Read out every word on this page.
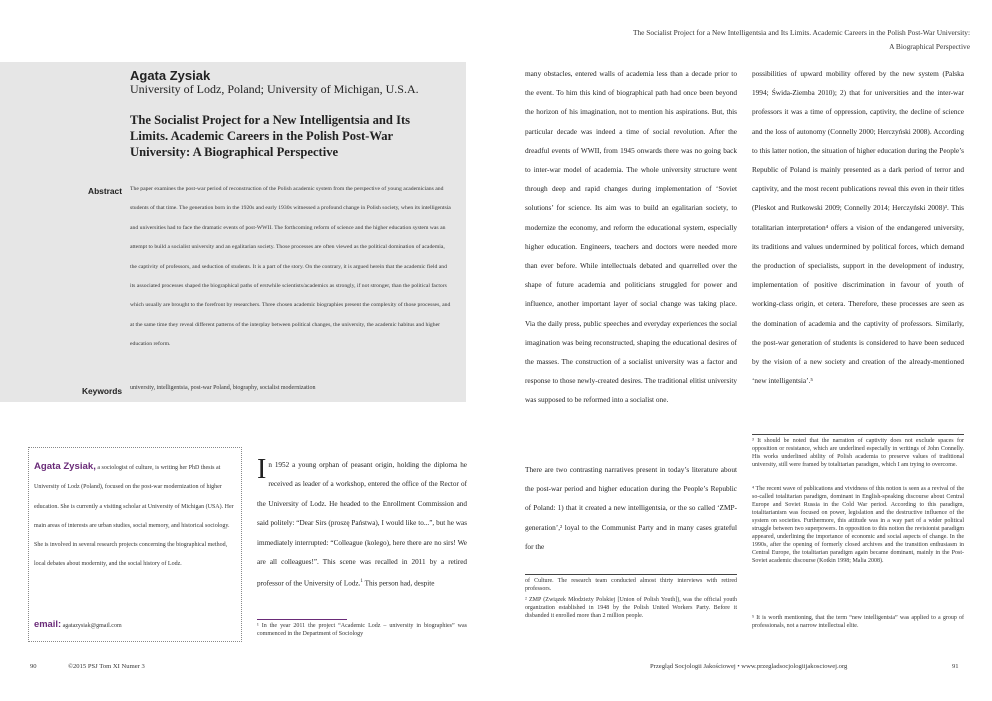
The Socialist Project for a New Intelligentsia and Its Limits. Academic Careers in the Polish Post-War University:
A Biographical Perspective
Agata Zysiak
University of Lodz, Poland; University of Michigan, U.S.A.
The Socialist Project for a New Intelligentsia and Its Limits. Academic Careers in the Polish Post-War University: A Biographical Perspective
Abstract The paper examines the post-war period of reconstruction of the Polish academic system from the perspective of young academicians and students of that time. The generation born in the 1920s and early 1930s witnessed a profound change in Polish society, when its intelligentsia and universities had to face the dramatic events of post-WWII. The forthcoming reform of science and the higher education system was an attempt to build a socialist university and an egalitarian society. Those processes are often viewed as the political domination of academia, the captivity of professors, and seduction of students. It is a part of the story. On the contrary, it is argued herein that the academic field and its associated processes shaped the biographical paths of erstwhile scientists/academics as strongly, if not stronger, than the political factors which usually are brought to the forefront by researchers. Three chosen academic biographies present the complexity of those processes, and at the same time they reveal different patterns of the interplay between political changes, the university, the academic habitus and higher education reform.
Keywords university, intelligentsia, post-war Poland, biography, socialist modernization
Agata Zysiak, a sociologist of culture, is writing her PhD thesis at University of Lodz (Poland), focused on the post-war modernization of higher education. She is currently a visiting scholar at University of Michigan (USA). Her main areas of interests are urban studies, social memory, and historical sociology. She is involved in several research projects concerning the biographical method, local debates about modernity, and the social history of Lodz.
email: agatazysiak@gmail.com
In 1952 a young orphan of peasant origin, holding the diploma he received as leader of a workshop, entered the office of the Rector of the University of Lodz. He headed to the Enrollment Commission and said politely: “Dear Sirs (proszę Państwa), I would like to...”, but he was immediately interrupted: “Colleague (kolego), here there are no sirs! We are all colleagues!”. This scene was recalled in 2011 by a retired professor of the University of Lodz.$^1$ This person had, despite
¹ In the year 2011 the project “Academic Lodz – university in biographies” was commenced in the Department of Sociology
many obstacles, entered walls of academia less than a decade prior to the event. To him this kind of biographical path had once been beyond the horizon of his imagination, not to mention his aspirations. But, this particular decade was indeed a time of social revolution. After the dreadful events of WWII, from 1945 onwards there was no going back to inter-war model of academia. The whole university structure went through deep and rapid changes during implementation of ‘Soviet solutions’ for science. Its aim was to build an egalitarian society, to modernize the economy, and reform the educational system, especially higher education. Engineers, teachers and doctors were needed more than ever before. While intellectuals debated and quarrelled over the shape of future academia and politicians struggled for power and influence, another important layer of social change was taking place. Via the daily press, public speeches and everyday experiences the social imagination was being reconstructed, shaping the educational desires of the masses. The construction of a socialist university was a factor and response to those newly-created desires. The traditional elitist university was supposed to be reformed into a socialist one.
There are two contrasting narratives present in today’s literature about the post-war period and higher education during the People’s Republic of Poland: 1) that it created a new intelligentsia, or the so called ‘ZMP-generation’,² loyal to the Communist Party and in many cases grateful for the
of Culture. The research team conducted almost thirty interviews with retired professors.
² ZMP (Związek Młodzieży Polskiej [Union of Polish Youth]), was the official youth organization established in 1948 by the Polish United Workers Party. Before it disbanded it enrolled more than 2 million people.
possibilities of upward mobility offered by the new system (Palska 1994; Świda-Ziemba 2010); 2) that for universities and the inter-war professors it was a time of oppression, captivity, the decline of science and the loss of autonomy (Connelly 2000; Herczyński 2008). According to this latter notion, the situation of higher education during the People’s Republic of Poland is mainly presented as a dark period of terror and captivity, and the most recent publications reveal this even in their titles (Pleskot and Rutkowski 2009; Connelly 2014; Herczyński 2008)³. This totalitarian interpretation⁴ offers a vision of the endangered university, its traditions and values undermined by political forces, which demand the production of specialists, support in the development of industry, implementation of positive discrimination in favour of youth of working-class origin, et cetera. Therefore, these processes are seen as the domination of academia and the captivity of professors. Similarly, the post-war generation of students is considered to have been seduced by the vision of a new society and creation of the already-mentioned ‘new intelligentsia’.⁵
³ It should be noted that the narration of captivity does not exclude spaces for opposition or resistance, which are underlined especially in writings of John Connelly. His works underlined ability of Polish academia to preserve values of traditional university, still were framed by totalitarian paradigm, which I am trying to overcome.
⁴ The recent wave of publications and vividness of this notion is seen as a revival of the so-called totalitarian paradigm, dominant in English-speaking discourse about Central Europe and Soviet Russia in the Cold War period. According to this paradigm, totalitarianism was focused on power, legislation and the destructive influence of the system on societies. Furthermore, this attitude was in a way part of a wider political struggle between two superpowers. In opposition to this notion the revisionist paradigm appeared, underlining the importance of economic and social aspects of change. In the 1990s, after the opening of formerly closed archives and the transition enthusiasm in Central Europe, the totalitarian paradigm again became dominant, mainly in the Post-Soviet academic discourse (Kotkin 1998; Malia 2008).
⁵ It is worth mentioning, that the term “new intelligentsia” was applied to a group of professionals, not a narrow intellectual elite.
90	©2015 PSJ Tom XI Numer 3	Przegląd Socjologii Jakościowej • www.przegladsocjologiijakosciowej.org	91
